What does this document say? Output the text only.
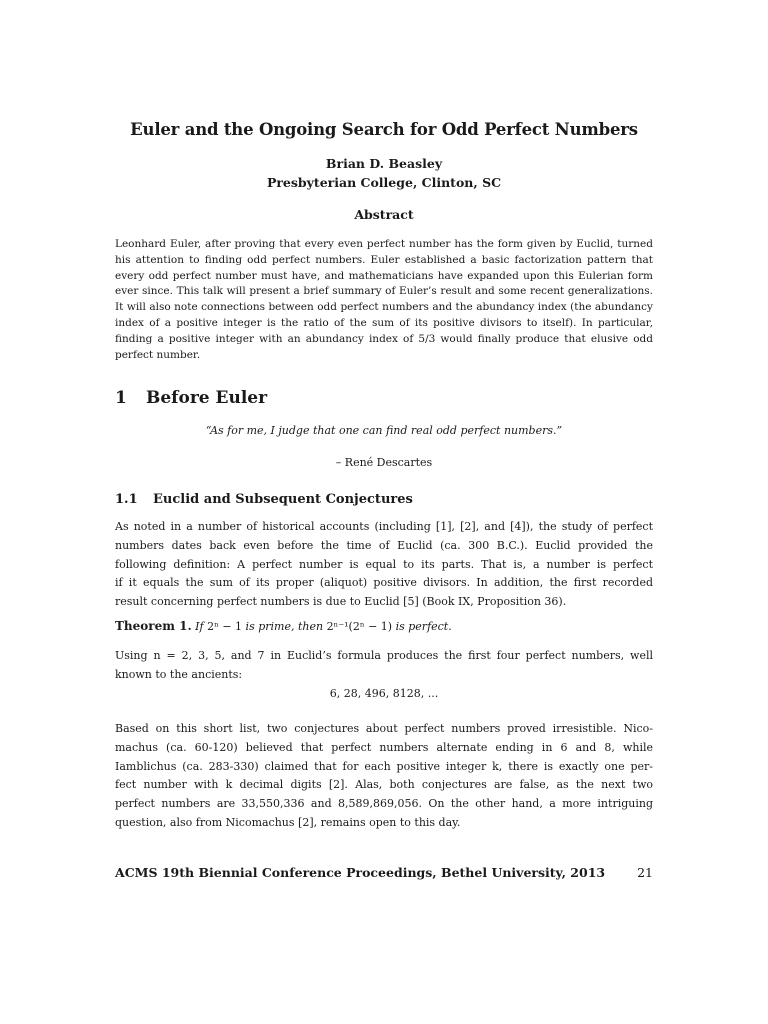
Euler and the Ongoing Search for Odd Perfect Numbers
Brian D. Beasley
Presbyterian College, Clinton, SC
Abstract
Leonhard Euler, after proving that every even perfect number has the form given by Euclid, turned
his attention to finding odd perfect numbers. Euler established a basic factorization pattern that
every odd perfect number must have, and mathematicians have expanded upon this Eulerian form
ever since. This talk will present a brief summary of Euler’s result and some recent generalizations.
It will also note connections between odd perfect numbers and the abundancy index (the abundancy
index of a positive integer is the ratio of the sum of its positive divisors to itself). In particular,
finding a positive integer with an abundancy index of 5/3 would finally produce that elusive odd
perfect number.
1 Before Euler
“As for me, I judge that one can find real odd perfect numbers.”
– René Descartes
1.1 Euclid and Subsequent Conjectures
As noted in a number of historical accounts (including [1], [2], and [4]), the study of perfect
numbers dates back even before the time of Euclid (ca. 300 B.C.). Euclid provided the
following definition: A perfect number is equal to its parts. That is, a number is perfect
if it equals the sum of its proper (aliquot) positive divisors. In addition, the first recorded
result concerning perfect numbers is due to Euclid [5] (Book IX, Proposition 36).
Theorem 1. If 2ⁿ − 1 is prime, then 2ⁿ⁻¹(2ⁿ − 1) is perfect.
Using n = 2, 3, 5, and 7 in Euclid’s formula produces the first four perfect numbers, well
known to the ancients:
6, 28, 496, 8128, ...
Based on this short list, two conjectures about perfect numbers proved irresistible. Nico-
machus (ca. 60-120) believed that perfect numbers alternate ending in 6 and 8, while
Iamblichus (ca. 283-330) claimed that for each positive integer k, there is exactly one per-
fect number with k decimal digits [2]. Alas, both conjectures are false, as the next two
perfect numbers are 33,550,336 and 8,589,869,056. On the other hand, a more intriguing
question, also from Nicomachus [2], remains open to this day.
ACMS 19th Biennial Conference Proceedings, Bethel University, 2013	21
